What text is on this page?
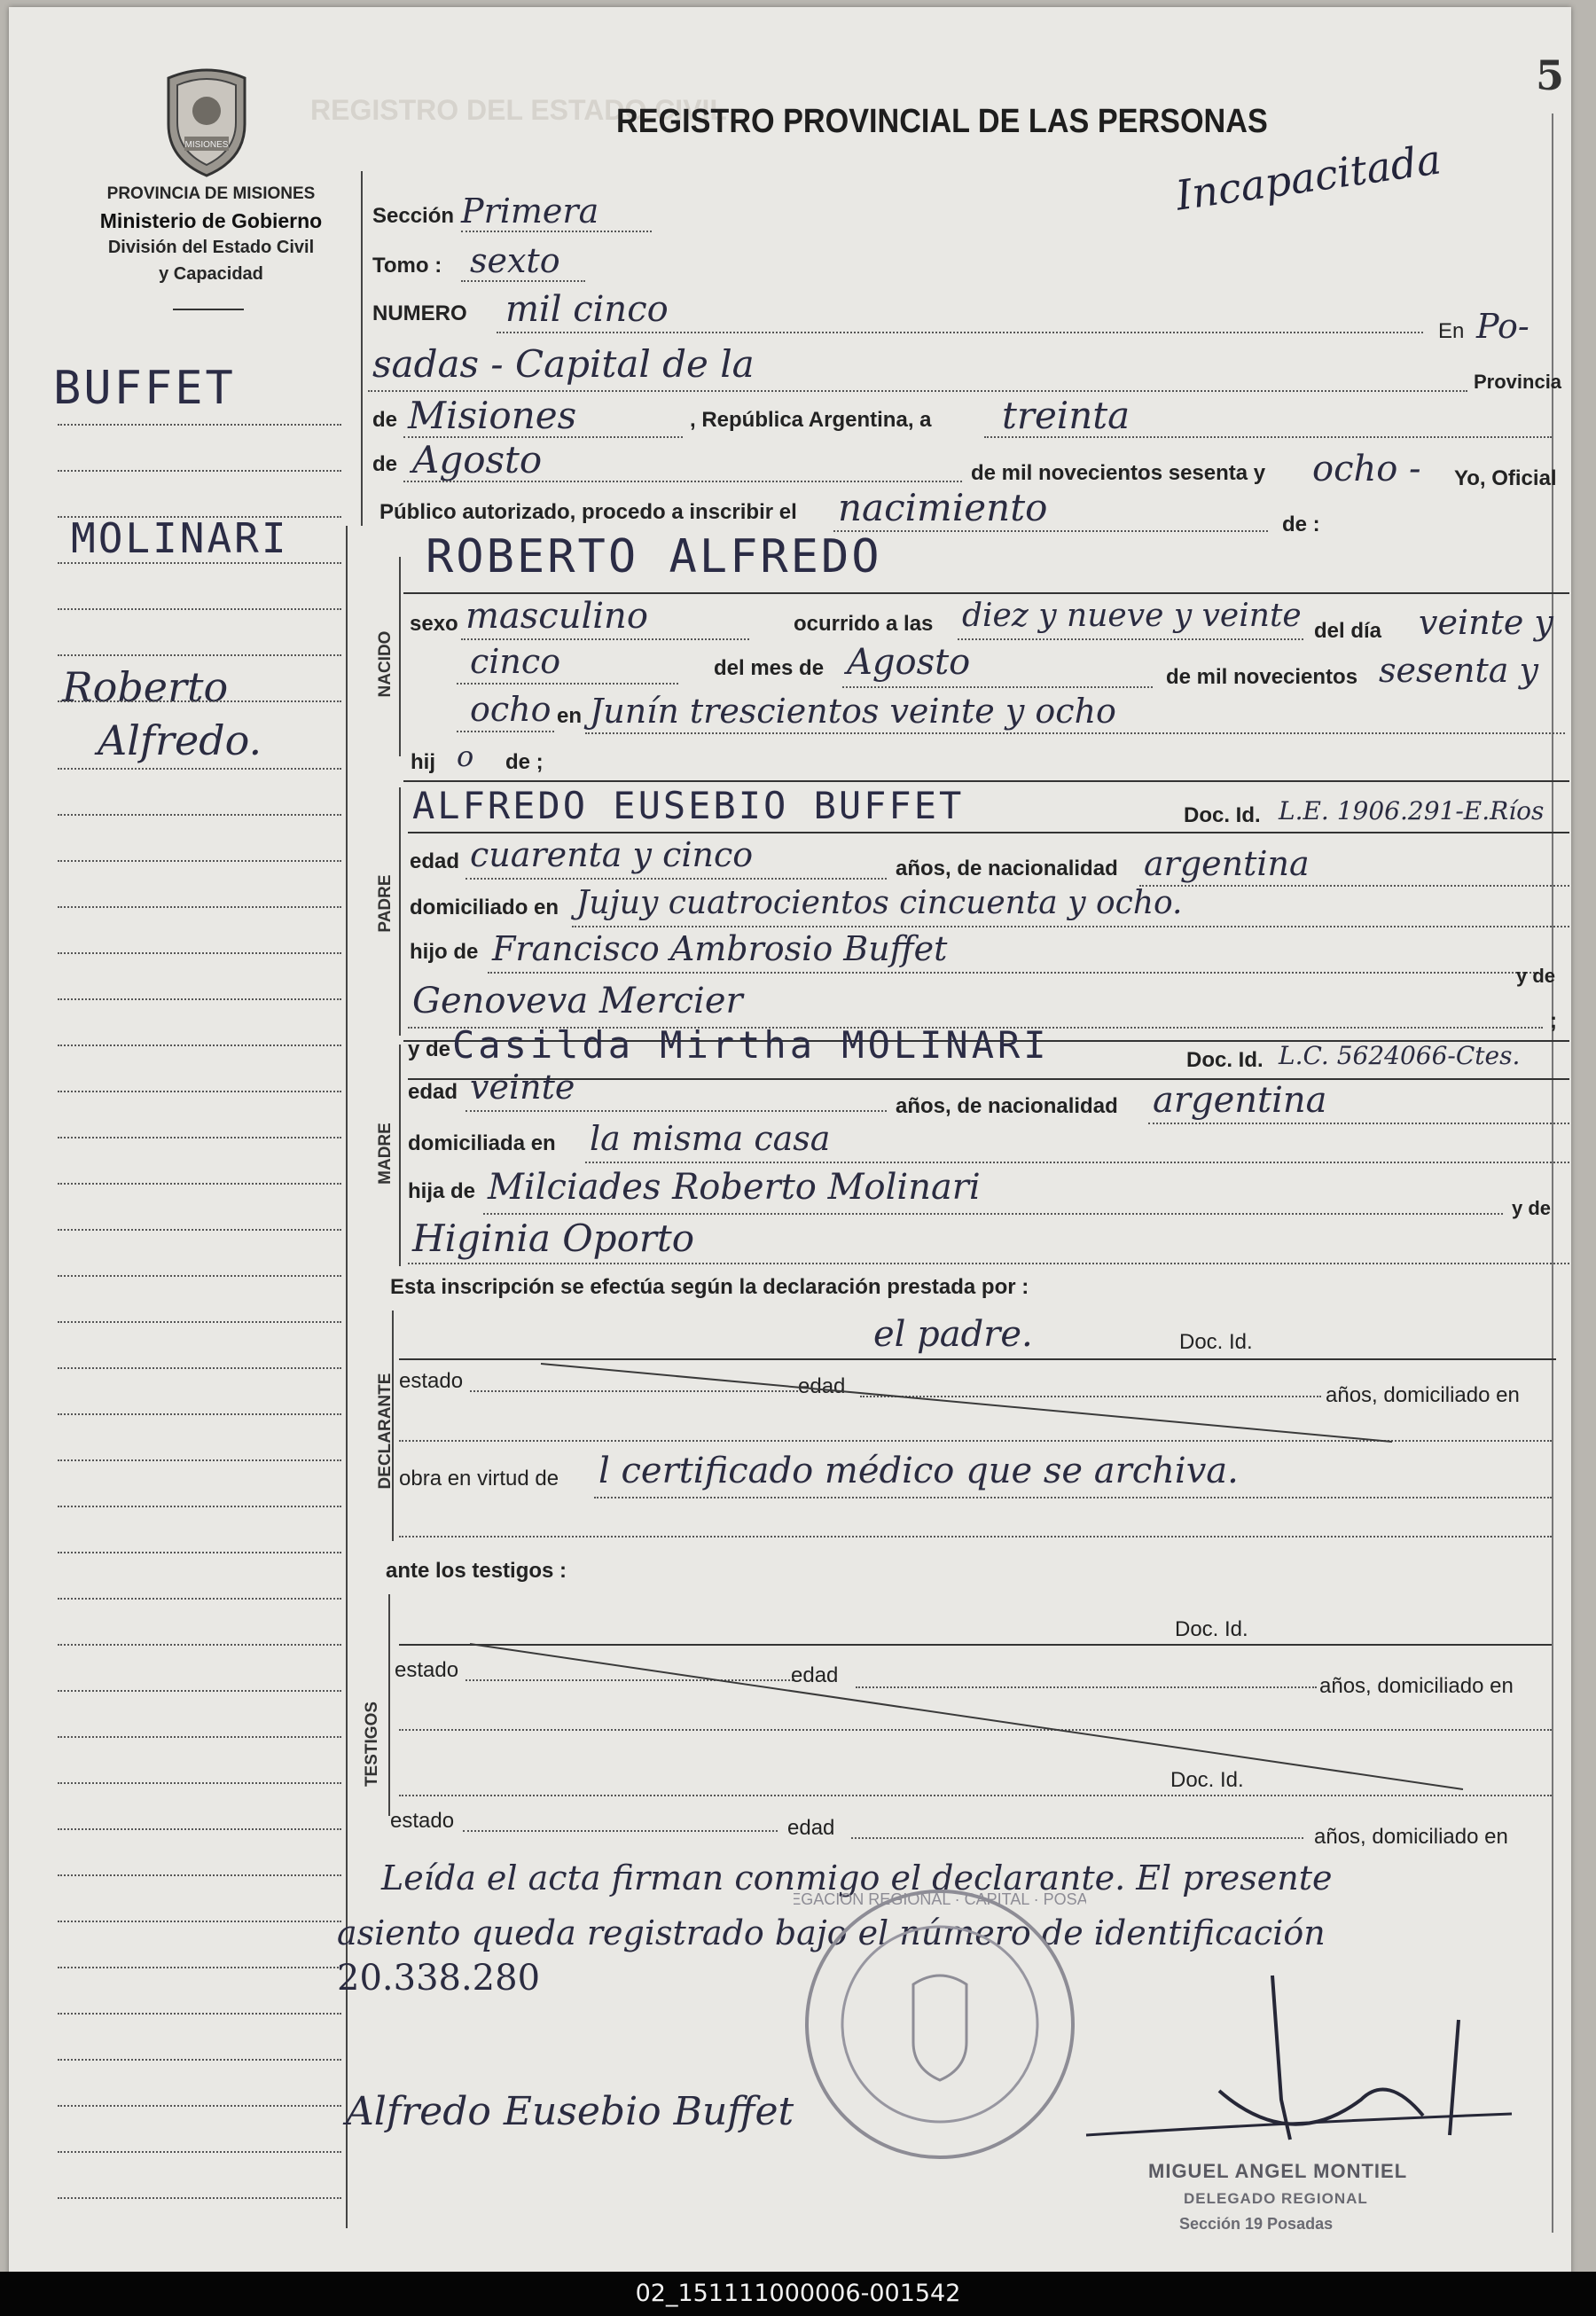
5
REGISTRO DEL ESTADO CIVIL
REGISTRO PROVINCIAL DE LAS PERSONAS
Incapacitada
MISIONES
PROVINCIA DE MISIONES
Ministerio de Gobierno
División del Estado Civil
y Capacidad
BUFFET
MOLINARI
Roberto
Alfredo.
Sección Primera
Tomo : sexto
NUMERO mil cinco
En Po-
sadas - Capital de la	Provincia
de Misiones	, República Argentina, a treinta
de Agosto	de mil novecientos sesenta y ocho - Yo, Oficial
Público autorizado, procedo a inscribir el nacimiento	de :
ROBERTO ALFREDO
NACIDO
sexo masculino	ocurrido a las diez y nueve y veinte del día veinte y
cinco	del mes de Agosto	de mil novecientos sesenta y
ocho en Junín trescientos veinte y ocho
hij o de ;
PADRE
ALFREDO EUSEBIO BUFFET	Doc. Id. L.E. 1906.291-E.Ríos
edad cuarenta y cinco	años, de nacionalidad argentina
domiciliado en Jujuy cuatrocientos cincuenta y ocho.
hijo de Francisco Ambrosio Buffet
y de
Genoveva Mercier	;
MADRE
y de Casilda Mirtha MOLINARI	Doc. Id. L.C. 5624066-Ctes.
edad veinte	años, de nacionalidad argentina
domiciliada en la misma casa
hija de Milciades Roberto Molinari
y de
Higinia Oporto
Esta inscripción se efectúa según la declaración prestada por :
DECLARANTE
el padre.	Doc. Id.
estado	edad	años, domiciliado en
obra en virtud de l certificado médico que se archiva.
ante los testigos :
TESTIGOS
Doc. Id.
estado	edad	años, domiciliado en
Doc. Id.
estado	edad	años, domiciliado en
Leída el acta firman conmigo el declarante. El presente
asiento queda registrado bajo el número de identificación
20.338.280
EGACION REGIONAL · CAPITAL · POSA
Alfredo Eusebio Buffet
MIGUEL ANGEL MONTIEL
DELEGADO REGIONAL
Sección 19 Posadas
02_151111000006-001542
